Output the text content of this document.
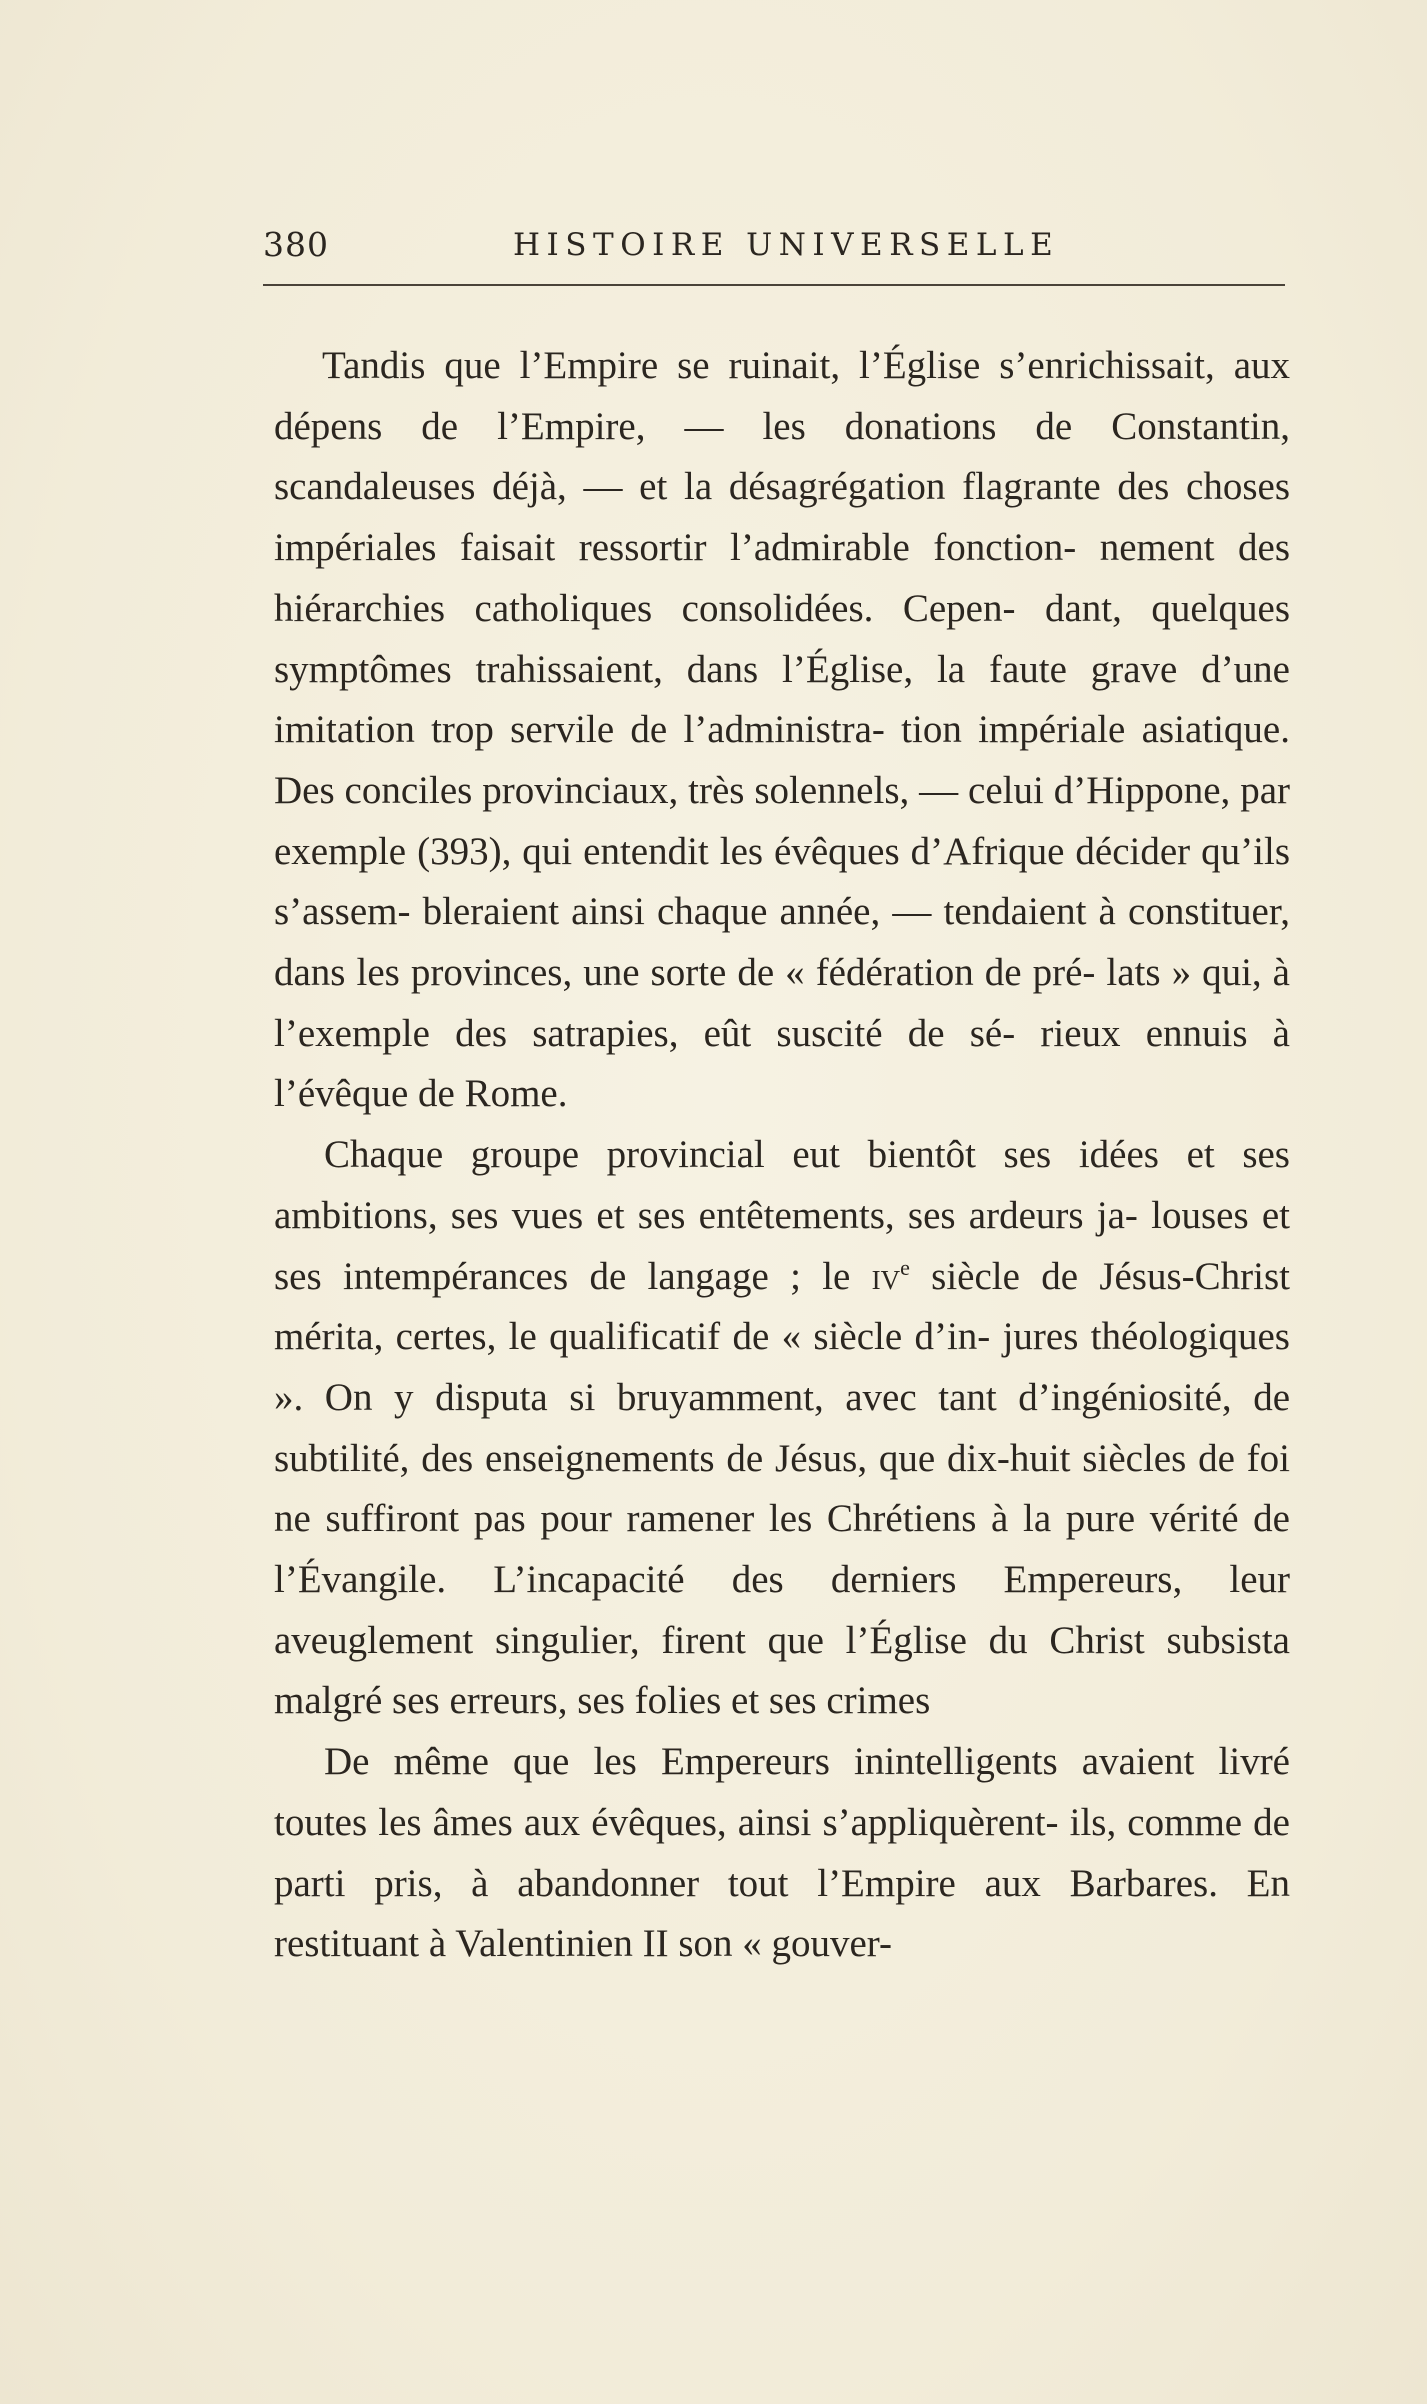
380	HISTOIRE UNIVERSELLE

Tandis que l’Empire se ruinait, l’Église s’enrichissait, aux dépens de l’Empire, — les donations de Constantin, scandaleuses déjà, — et la désagrégation flagrante des choses impériales faisait ressortir l’admirable fonction- nement des hiérarchies catholiques consolidées. Cepen- dant, quelques symptômes trahissaient, dans l’Église, la faute grave d’une imitation trop servile de l’administra- tion impériale asiatique. Des conciles provinciaux, très solennels, — celui d’Hippone, par exemple (393), qui entendit les évêques d’Afrique décider qu’ils s’assem- bleraient ainsi chaque année, — tendaient à constituer, dans les provinces, une sorte de « fédération de pré- lats » qui, à l’exemple des satrapies, eût suscité de sé- rieux ennuis à l’évêque de Rome.

Chaque groupe provincial eut bientôt ses idées et ses ambitions, ses vues et ses entêtements, ses ardeurs ja- louses et ses intempérances de langage ; le $iv^e$ siècle de Jésus-Christ mérita, certes, le qualificatif de « siècle d’in- jures théologiques ». On y disputa si bruyamment, avec tant d’ingéniosité, de subtilité, des enseignements de Jésus, que dix-huit siècles de foi ne suffiront pas pour ramener les Chrétiens à la pure vérité de l’Évangile. L’incapacité des derniers Empereurs, leur aveuglement singulier, firent que l’Église du Christ subsista malgré ses erreurs, ses folies et ses crimes

De même que les Empereurs inintelligents avaient livré toutes les âmes aux évêques, ainsi s’appliquèrent- ils, comme de parti pris, à abandonner tout l’Empire aux Barbares. En restituant à Valentinien II son « gouver-
